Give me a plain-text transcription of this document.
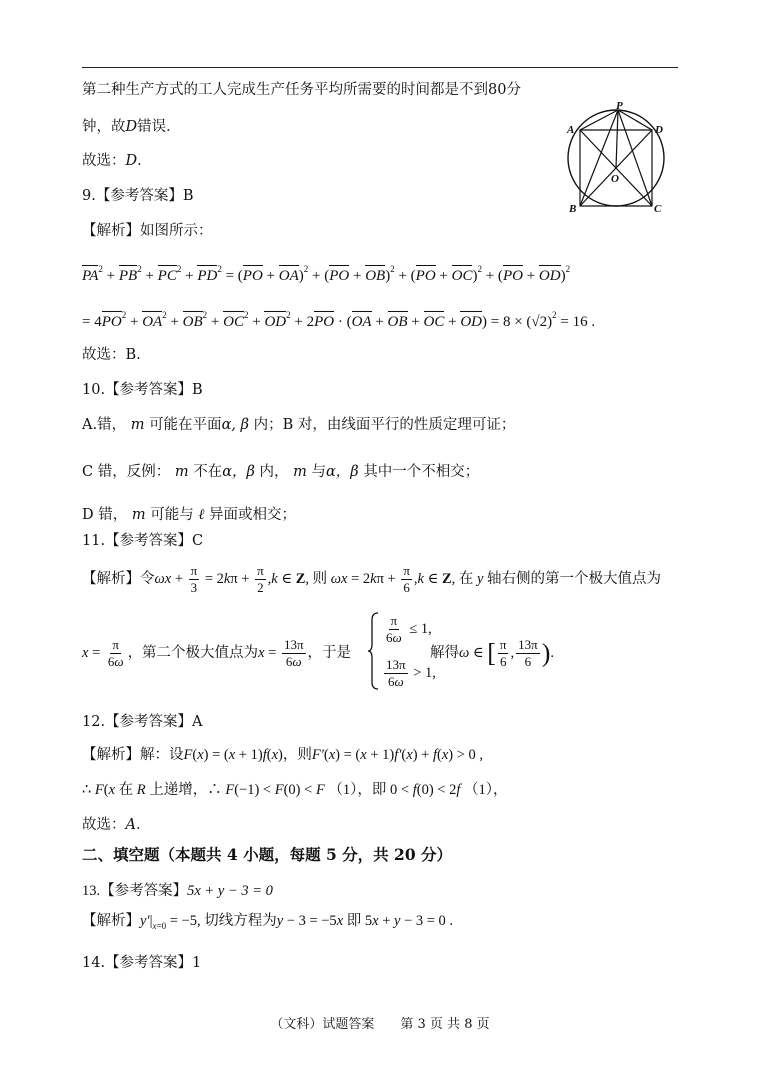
第二种生产方式的工人完成生产任务平均所需要的时间都是不到80分
钟，故D错误．
故选：D．
P
A	D
O
B	C
9.【参考答案】B
【解析】如图所示：
$PA^2 + PB^2 + PC^2 + PD^2 = (PO + OA)^2 + (PO + OB)^2 + (PO + OC)^2 + (PO + OD)^2$
= $4PO^2 + OA^2 + OB^2 + OC^2 + OD^2 + 2PO \cdot (OA$ + OB + OC + $OD) = 8 \times (√2)^2 = 16$ .
故选：B.
10.【参考答案】B
A.错， m 可能在平面α, β 内；B 对，由线面平行的性质定理可证；
C 错，反例： m 不在α，β 内， m 与α，β 其中一个不相交；
D 错， m 可能与 ℓ 异面或相交；
11.【参考答案】C
【解析】令$\omega x + \frac{\pi}{3} = 2k\pi + \frac{\pi}{2} ,k$ ∈ Z, 则 $\omega x = 2k\pi + \frac{\pi}{6} ,k$ ∈ Z, 在 y 轴右侧的第一个极大值点为
$x = \frac{\pi}{6\omega}$ ，第二个极大值点为$x = \frac{13\pi}{6\omega}$ ，于是
$\frac{\pi}{6\omega} \le 1$,
$\frac{13\pi}{6\omega} > 1$,
解得ω ∈ [ $\frac{\pi}{6}$ , $\frac{13\pi}{6}$ ).
12.【参考答案】A
【解析】解：设F(x) = (x + 1)f(x)，则F′(x) = (x + 1)f′(x) + f(x) > 0 ,
∴ F(x 在 R 上递增，∴ F(−1) < F(0) < F （1），即 0 < f(0) < 2f （1），
故选：A．
二、填空题（本题共 4 小题，每题 5 分，共 20 分）
13.【参考答案】5x + y − 3 = 0
【解析】$y'|_{x=0} = -5$, 切线方程为y − 3 = −5x 即 5x + y − 3 = 0 .
14.【参考答案】1
（文科）试题答案　　第 3 页 共 8 页
